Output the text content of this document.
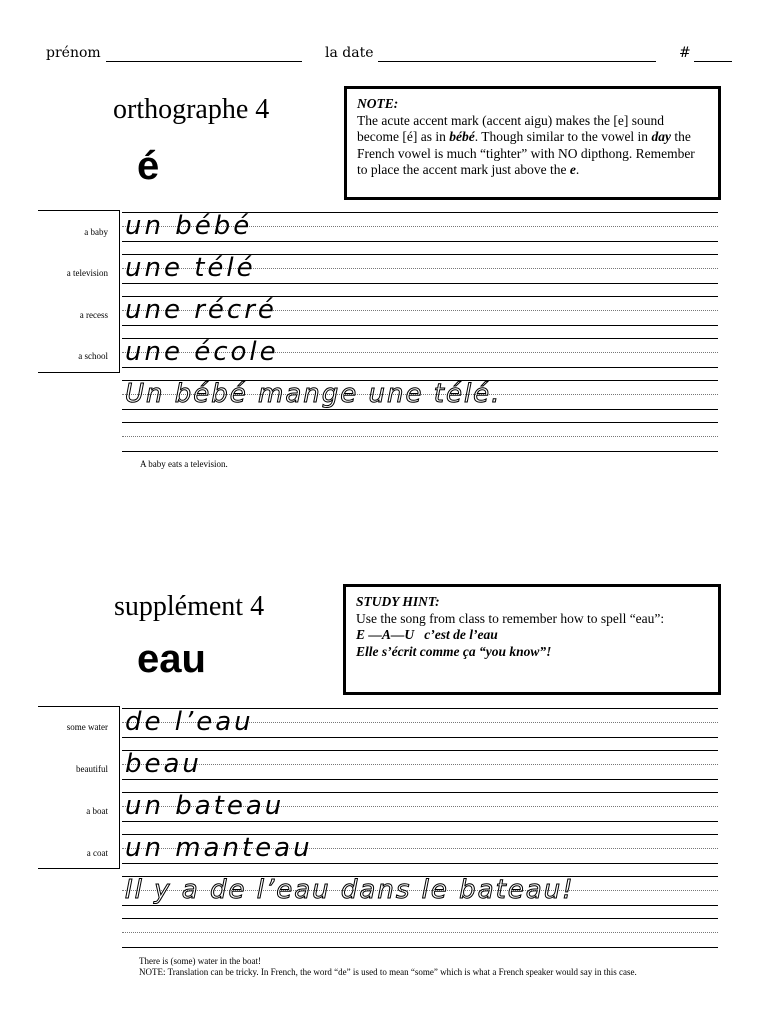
prénom	la date	#
orthographe 4
é
NOTE:
The acute accent mark (accent aigu) makes the [e] sound become [é] as in bébé. Though similar to the vowel in day the French vowel is much “tighter” with NO dipthong. Remember to place the accent mark just above the e.
a baby
a television
a recess
a school
un bébé
une télé
une récré
une école
Un bébé mange une télé.
A baby eats a television.
supplément 4
eau
STUDY HINT:
Use the song from class to remember how to spell “eau”:
E —A—U   c’est de l’eau
Elle s’écrit comme ça “you know”!
some water
beautiful
a boat
a coat
de l’eau
beau
un bateau
un manteau
Il y a de l’eau dans le bateau!
There is (some) water in the boat!
NOTE: Translation can be tricky. In French, the word “de” is used to mean “some” which is what a French speaker would say in this case.
